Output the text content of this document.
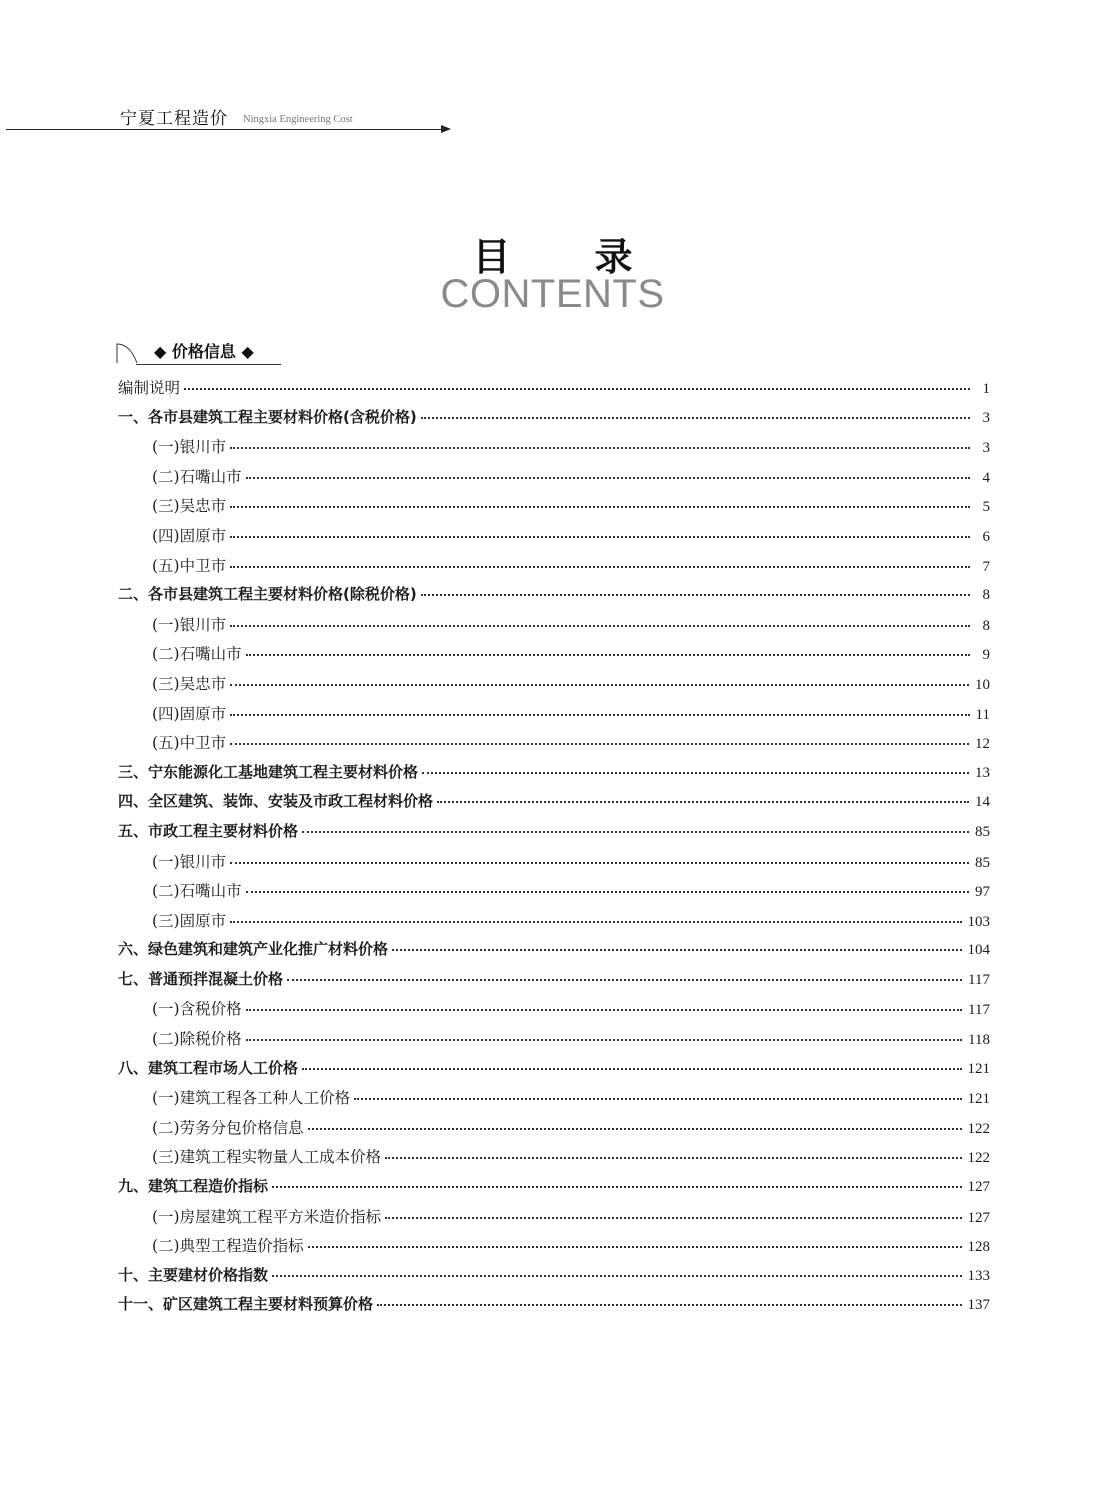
宁夏工程造价 Ningxia Engineering Cost
目 录
CONTENTS
◆ 价格信息 ◆
编制说明	1
一、各市县建筑工程主要材料价格(含税价格)	3
(一)银川市	3
(二)石嘴山市	4
(三)吴忠市	5
(四)固原市	6
(五)中卫市	7
二、各市县建筑工程主要材料价格(除税价格)	8
(一)银川市	8
(二)石嘴山市	9
(三)吴忠市	10
(四)固原市	11
(五)中卫市	12
三、宁东能源化工基地建筑工程主要材料价格	13
四、全区建筑、装饰、安装及市政工程材料价格	14
五、市政工程主要材料价格	85
(一)银川市	85
(二)石嘴山市	97
(三)固原市	103
六、绿色建筑和建筑产业化推广材料价格	104
七、普通预拌混凝土价格	117
(一)含税价格	117
(二)除税价格	118
八、建筑工程市场人工价格	121
(一)建筑工程各工种人工价格	121
(二)劳务分包价格信息	122
(三)建筑工程实物量人工成本价格	122
九、建筑工程造价指标	127
(一)房屋建筑工程平方米造价指标	127
(二)典型工程造价指标	128
十、主要建材价格指数	133
十一、矿区建筑工程主要材料预算价格	137
